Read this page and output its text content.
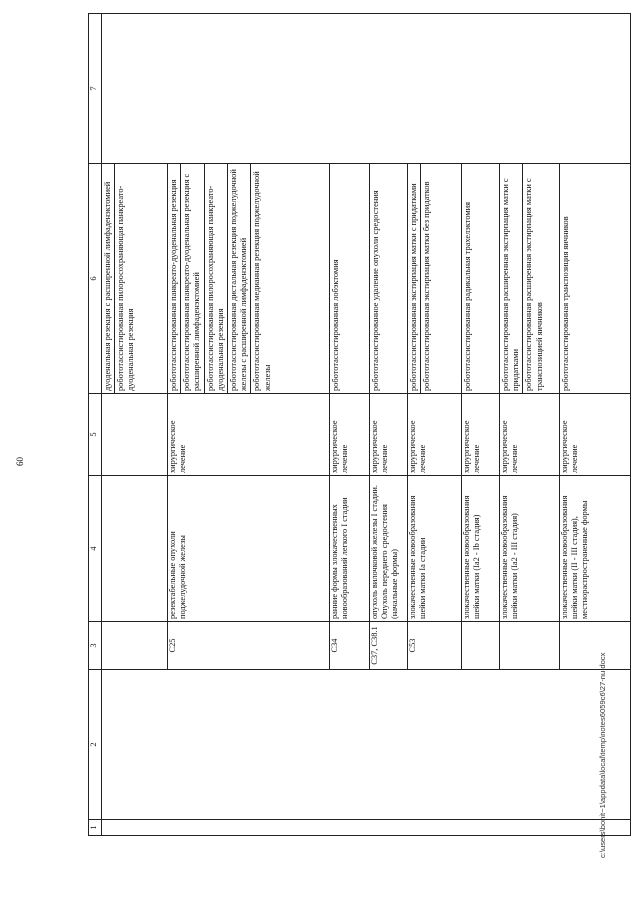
60
1	2	3	4	5	6	7

					дуоденальная резекция с расширенной лимфаденэктомией робототассистированная пилоросохраняющая панкреато-дуоденальная резекция	

		C25	резектабельные опухоли поджелудочной железы	хирургическое лечение	робототассистированная панкреато-дуоденальная резекция робототассистированная панкреато-дуоденальная резекция с расширенной лимфаденэктомией робототассистированная пилоросохраняющая панкреато-дуоденальная резекция робототассистированная дистальная резекция поджелудочной железы с расширенной лимфаденэктомией робототассистированная медианная резекция поджелудочной железы	

		C34	ранние формы злокачественных новообразований легкого I стадии	хирургическое лечение	робототассистированная лобэктомия	

		C37, C38.1	опухоль вилочковой железы I стадии. Опухоль переднего средостения (начальные формы)	хирургическое лечение	робототассистированное удаление опухоли средостения	

		C53	злокачественные новообразования шейки матки Ia стадии	хирургическое лечение	робототассистированная экстирпация матки с придатками робототассистированная экстирпация матки без придатков	

			злокачественные новообразования шейки матки (Ia2 - Ib стадия)	хирургическое лечение	робототассистированная радикальная трахелэктомия	

			злокачественные новообразования шейки матки (Ia2 - III стадия)	хирургическое лечение	робототассистированная расширенная экстирпация матки с придатками робототассистированная расширенная экстирпация матки с транспозицией яичников	

			злокачественные новообразования шейки матки (II - III стадия), местнораспространенные формы	хирургическое лечение	робототассистированная транспозиция яичников	
c:\users\bonit~1\appdata\local\temp\notes6059c6\27-nu.docx
